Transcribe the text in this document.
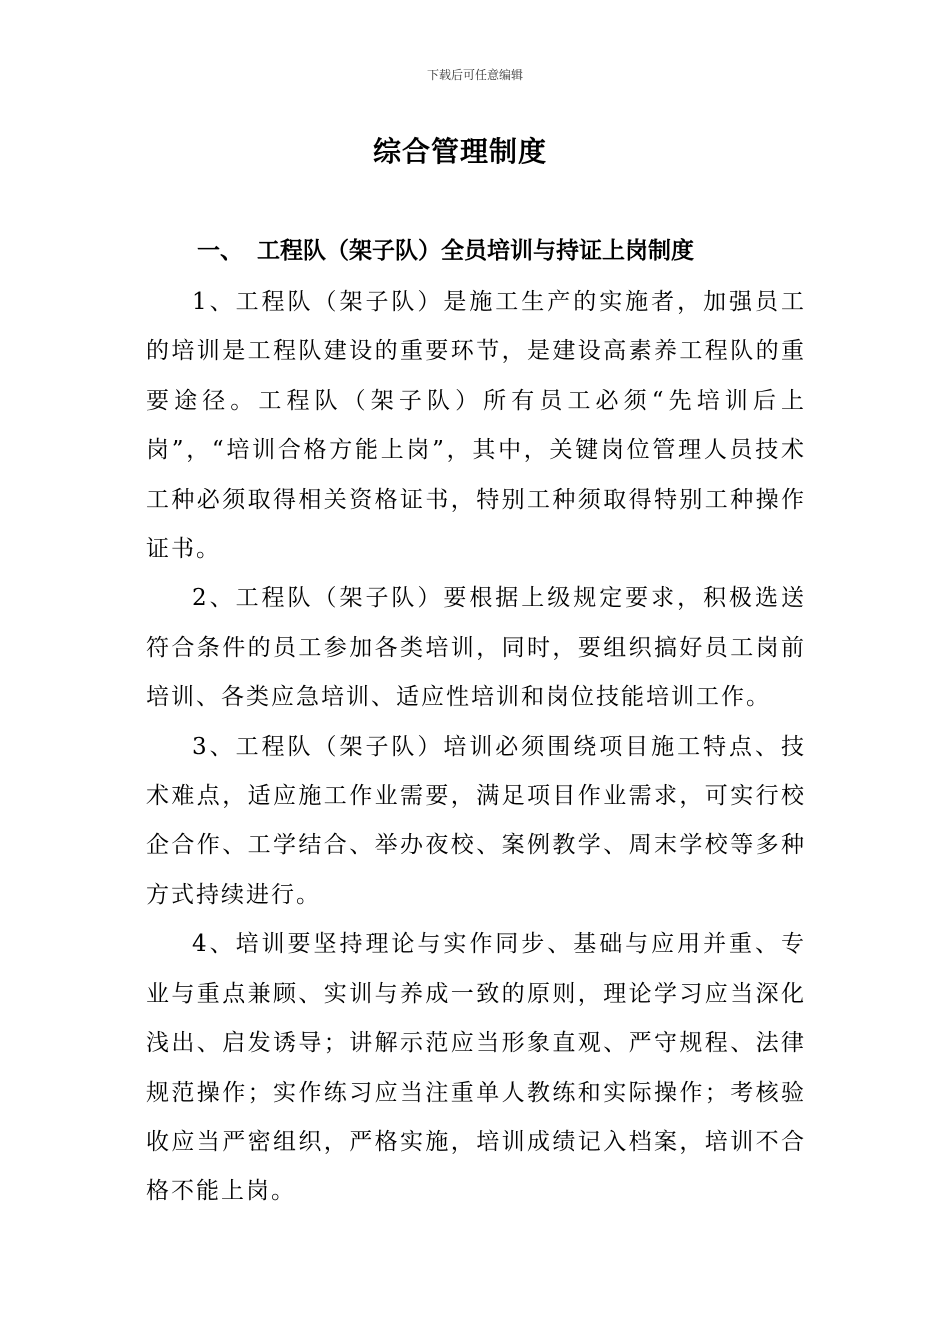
下载后可任意编辑
综合管理制度
一、 工程队（架子队）全员培训与持证上岗制度

1、工程队（架子队）是施工生产的实施者，加强员工的培训是工程队建设的重要环节，是建设高素养工程队的重要途径。工程队（架子队）所有员工必须“先培训后上岗”，“培训合格方能上岗”，其中，关键岗位管理人员技术工种必须取得相关资格证书，特别工种须取得特别工种操作证书。

2、工程队（架子队）要根据上级规定要求，积极选送符合条件的员工参加各类培训，同时，要组织搞好员工岗前培训、各类应急培训、适应性培训和岗位技能培训工作。

3、工程队（架子队）培训必须围绕项目施工特点、技术难点，适应施工作业需要，满足项目作业需求，可实行校企合作、工学结合、举办夜校、案例教学、周末学校等多种方式持续进行。

4、培训要坚持理论与实作同步、基础与应用并重、专业与重点兼顾、实训与养成一致的原则，理论学习应当深化浅出、启发诱导；讲解示范应当形象直观、严守规程、法律规范操作；实作练习应当注重单人教练和实际操作；考核验收应当严密组织，严格实施，培训成绩记入档案，培训不合格不能上岗。
